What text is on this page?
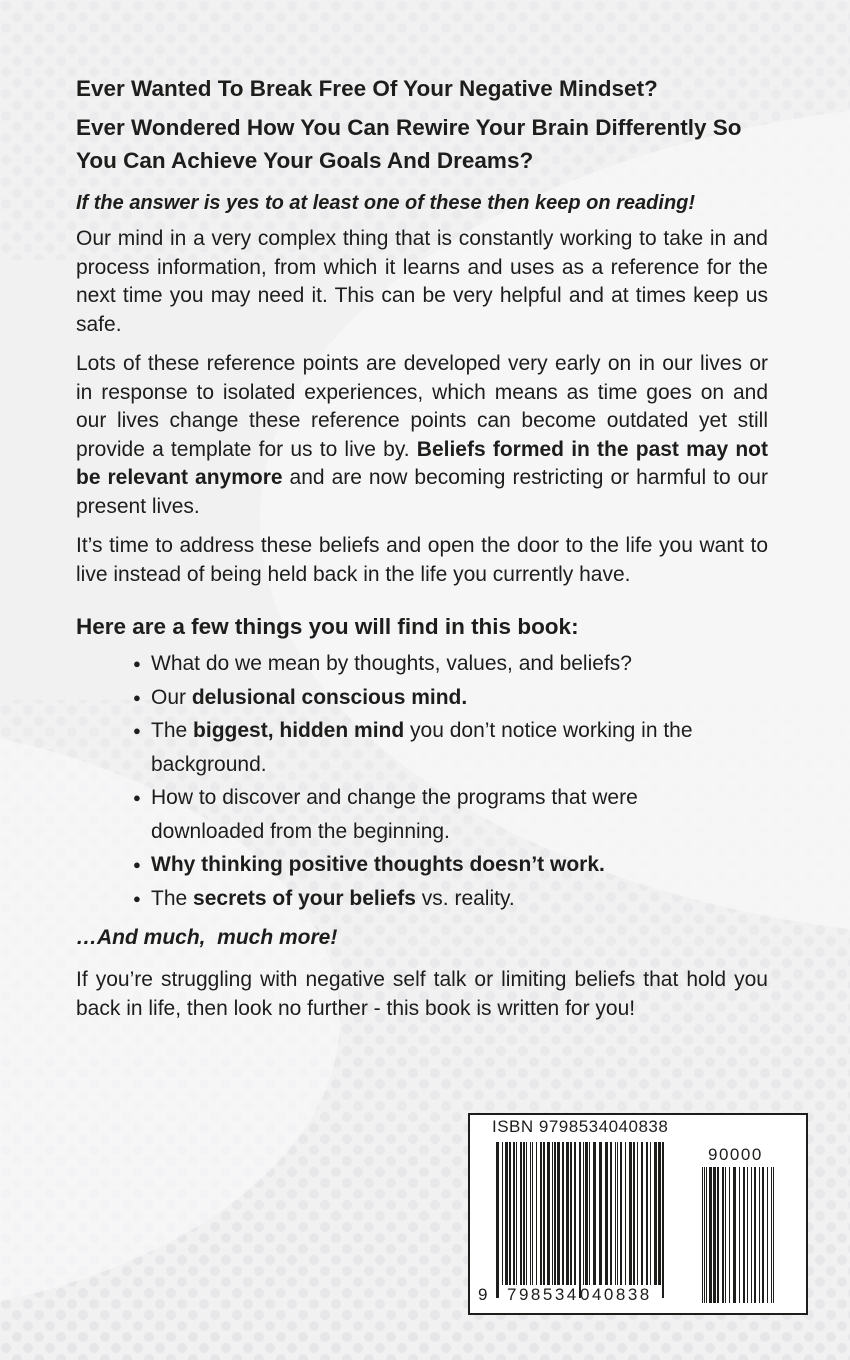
Ever Wanted To Break Free Of Your Negative Mindset?
Ever Wondered How You Can Rewire Your Brain Differently So You Can Achieve Your Goals And Dreams?
If the answer is yes to at least one of these then keep on reading!

Our mind in a very complex thing that is constantly working to take in and process information, from which it learns and uses as a reference for the next time you may need it. This can be very helpful and at times keep us safe.

Lots of these reference points are developed very early on in our lives or in response to isolated experiences, which means as time goes on and our lives change these reference points can become outdated yet still provide a template for us to live by. Beliefs formed in the past may not be relevant anymore and are now becoming restricting or harmful to our present lives.

It’s time to address these beliefs and open the door to the life you want to live instead of being held back in the life you currently have.

Here are a few things you will find in this book:
● What do we mean by thoughts, values, and beliefs?
● Our delusional conscious mind.
● The biggest, hidden mind you don’t notice working in the background.
● How to discover and change the programs that were downloaded from the beginning.
● Why thinking positive thoughts doesn’t work.
● The secrets of your beliefs vs. reality.
…And much,  much more!

If you’re struggling with negative self talk or limiting beliefs that hold you back in life, then look no further - this book is written for you!

ISBN 9798534040838
90000
9 798534 040838
